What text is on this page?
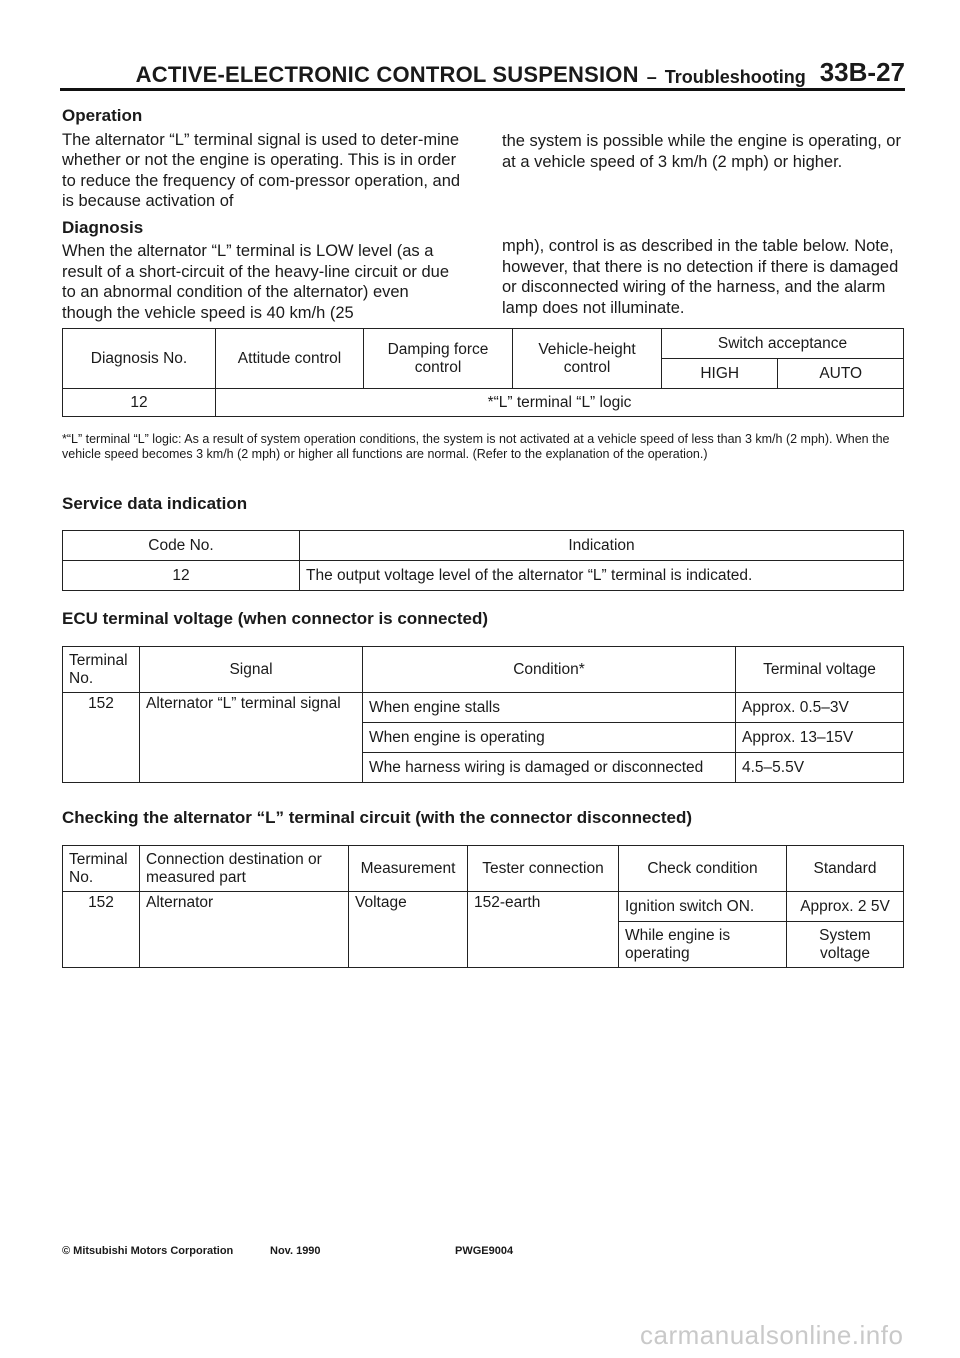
ACTIVE-ELECTRONIC CONTROL SUSPENSION – Troubleshooting 33B-27
Operation

The alternator “L” terminal signal is used to deter-mine whether or not the engine is operating. This is in order to reduce the frequency of com-pressor operation, and is because activation of

Diagnosis

When the alternator “L” terminal is LOW level (as a result of a short-circuit of the heavy-line circuit or due to an abnormal condition of the alternator) even though the vehicle speed is 40 km/h (25

the system is possible while the engine is operating, or at a vehicle speed of 3 km/h (2 mph) or higher.

mph), control is as described in the table below. Note, however, that there is no detection if there is damaged or disconnected wiring of the harness, and the alarm lamp does not illuminate.

Diagnosis No.	Attitude control	Damping force control	Vehicle-height control	Switch acceptance	
				HIGH	AUTO
12	*“L” terminal “L” logic				
*“L” terminal “L” logic: As a result of system operation conditions, the system is not activated at a vehicle speed of less than 3 km/h (2 mph). When the vehicle speed becomes 3 km/h (2 mph) or higher all functions are normal. (Refer to the explanation of the operation.)
Service data indication
Code No.	Indication
12	The output voltage level of the alternator “L” terminal is indicated.
ECU terminal voltage (when connector is connected)
Terminal No.	Signal	Condition*	Terminal voltage
152	Alternator “L” terminal signal	When engine stalls	Approx. 0.5–3V
		When engine is operating	Approx. 13–15V
		Whe harness wiring is damaged or disconnected	4.5–5.5V
Checking the alternator “L” terminal circuit (with the connector disconnected)
Terminal No.	Connection destination or measured part	Measurement	Tester connection	Check condition	Standard
152	Alternator	Voltage	152-earth	Ignition switch ON.	Approx. 2 5V
				While engine is operating	System voltage
© Mitsubishi Motors Corporation	Nov. 1990	PWGE9004
carmanualsonline.info
